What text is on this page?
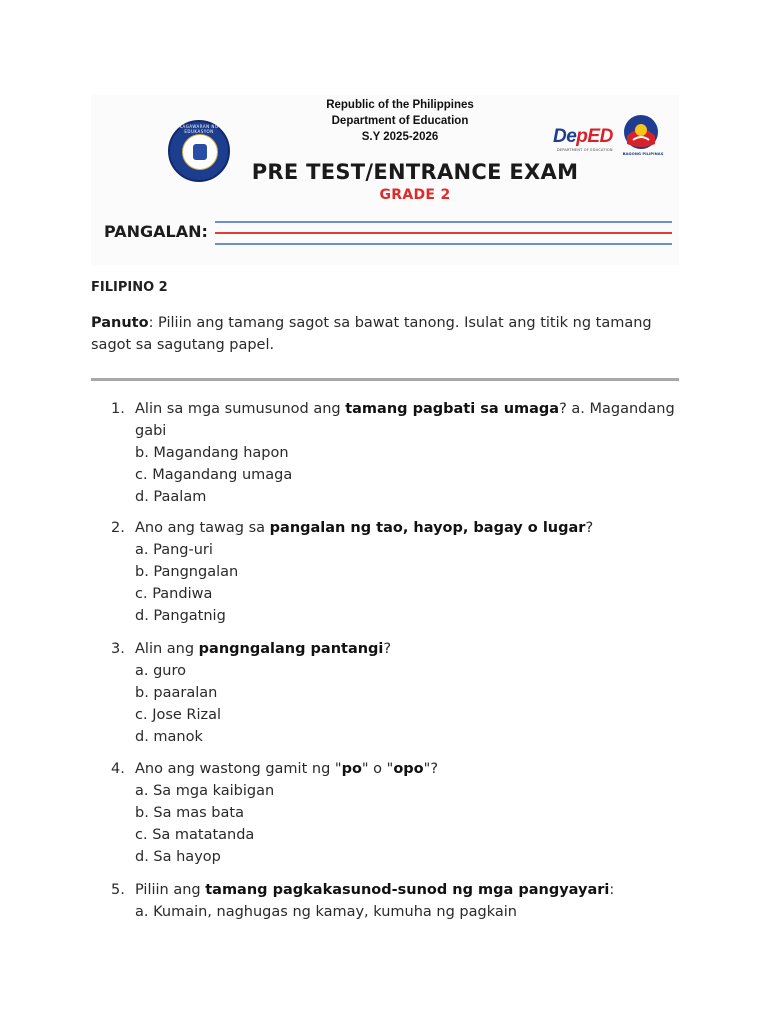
KAGAWARAN NG EDUKASYON
Republic of the Philippines
Department of Education
S.Y 2025-2026
PRE TEST/ENTRANCE EXAM
GRADE 2
DepED
DEPARTMENT OF EDUCATION
BAGONG PILIPINAS
PANGALAN:
FILIPINO 2
Panuto: Piliin ang tamang sagot sa bawat tanong. Isulat ang titik ng tamang sagot sa sagutang papel.
1. Alin sa mga sumusunod ang tamang pagbati sa umaga? a. Magandang gabi
b. Magandang hapon
c. Magandang umaga
d. Paalam
2. Ano ang tawag sa pangalan ng tao, hayop, bagay o lugar?
a. Pang-uri
b. Pangngalan
c. Pandiwa
d. Pangatnig
3. Alin ang pangngalang pantangi?
a. guro
b. paaralan
c. Jose Rizal
d. manok
4. Ano ang wastong gamit ng "po" o "opo"?
a. Sa mga kaibigan
b. Sa mas bata
c. Sa matatanda
d. Sa hayop
5. Piliin ang tamang pagkakasunod-sunod ng mga pangyayari:
a. Kumain, naghugas ng kamay, kumuha ng pagkain
